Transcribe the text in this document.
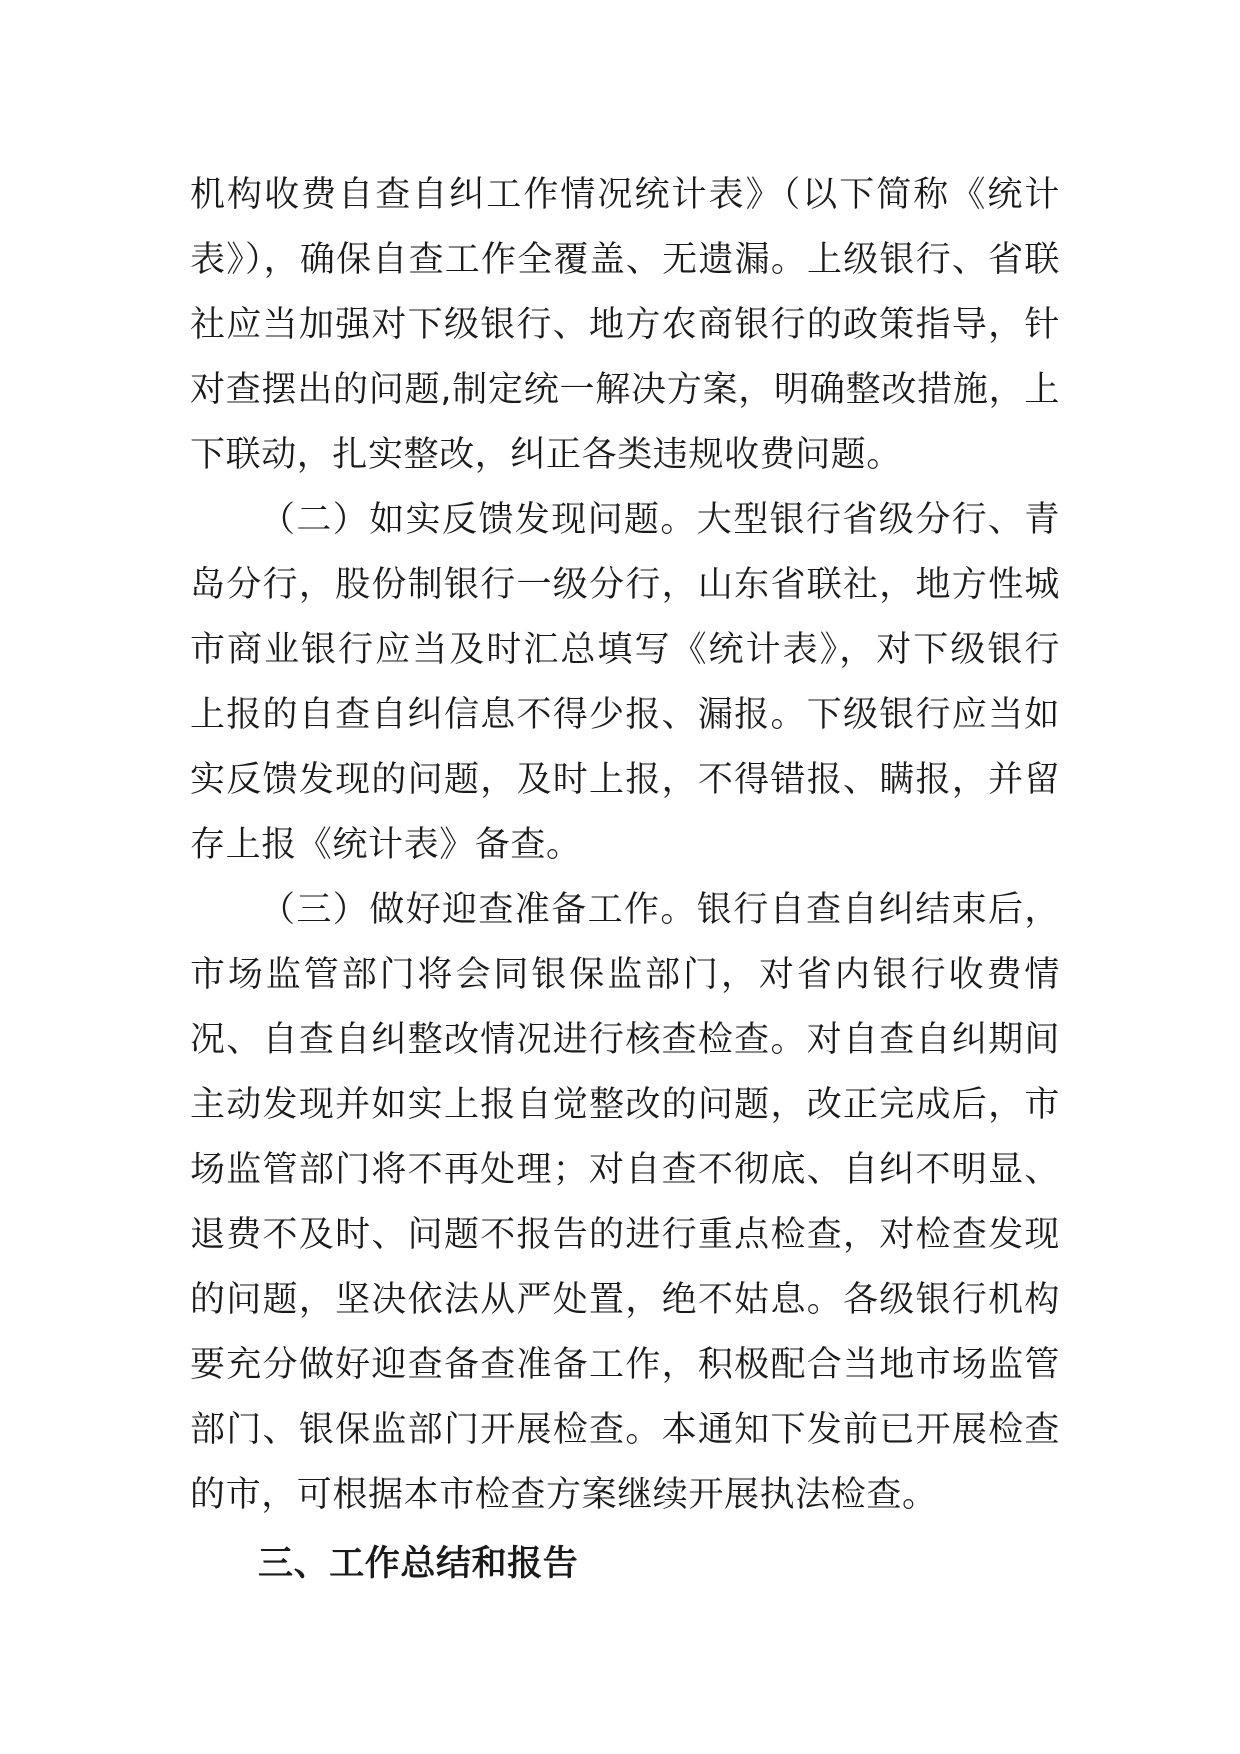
机构收费自查自纠工作情况统计表》（以下简称《统计表》），确保自查工作全覆盖、无遗漏。上级银行、省联社应当加强对下级银行、地方农商银行的政策指导，针对查摆出的问题,制定统一解决方案，明确整改措施，上下联动，扎实整改，纠正各类违规收费问题。

（二）如实反馈发现问题。大型银行省级分行、青岛分行，股份制银行一级分行，山东省联社，地方性城市商业银行应当及时汇总填写《统计表》，对下级银行上报的自查自纠信息不得少报、漏报。下级银行应当如实反馈发现的问题，及时上报，不得错报、瞒报，并留存上报《统计表》备查。

（三）做好迎查准备工作。银行自查自纠结束后，市场监管部门将会同银保监部门，对省内银行收费情况、自查自纠整改情况进行核查检查。对自查自纠期间主动发现并如实上报自觉整改的问题，改正完成后，市场监管部门将不再处理；对自查不彻底、自纠不明显、退费不及时、问题不报告的进行重点检查，对检查发现的问题，坚决依法从严处置，绝不姑息。各级银行机构要充分做好迎查备查准备工作，积极配合当地市场监管部门、银保监部门开展检查。本通知下发前已开展检查的市，可根据本市检查方案继续开展执法检查。

三、工作总结和报告
